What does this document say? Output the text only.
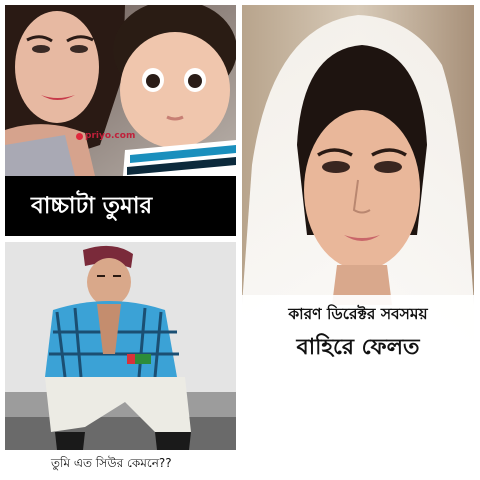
priyo.com
বাচ্চাটা তুমার
তুমি এত সিউর কেমনে??
কারণ ডিরেক্টর সবসময়
বাহিরে ফেলত
